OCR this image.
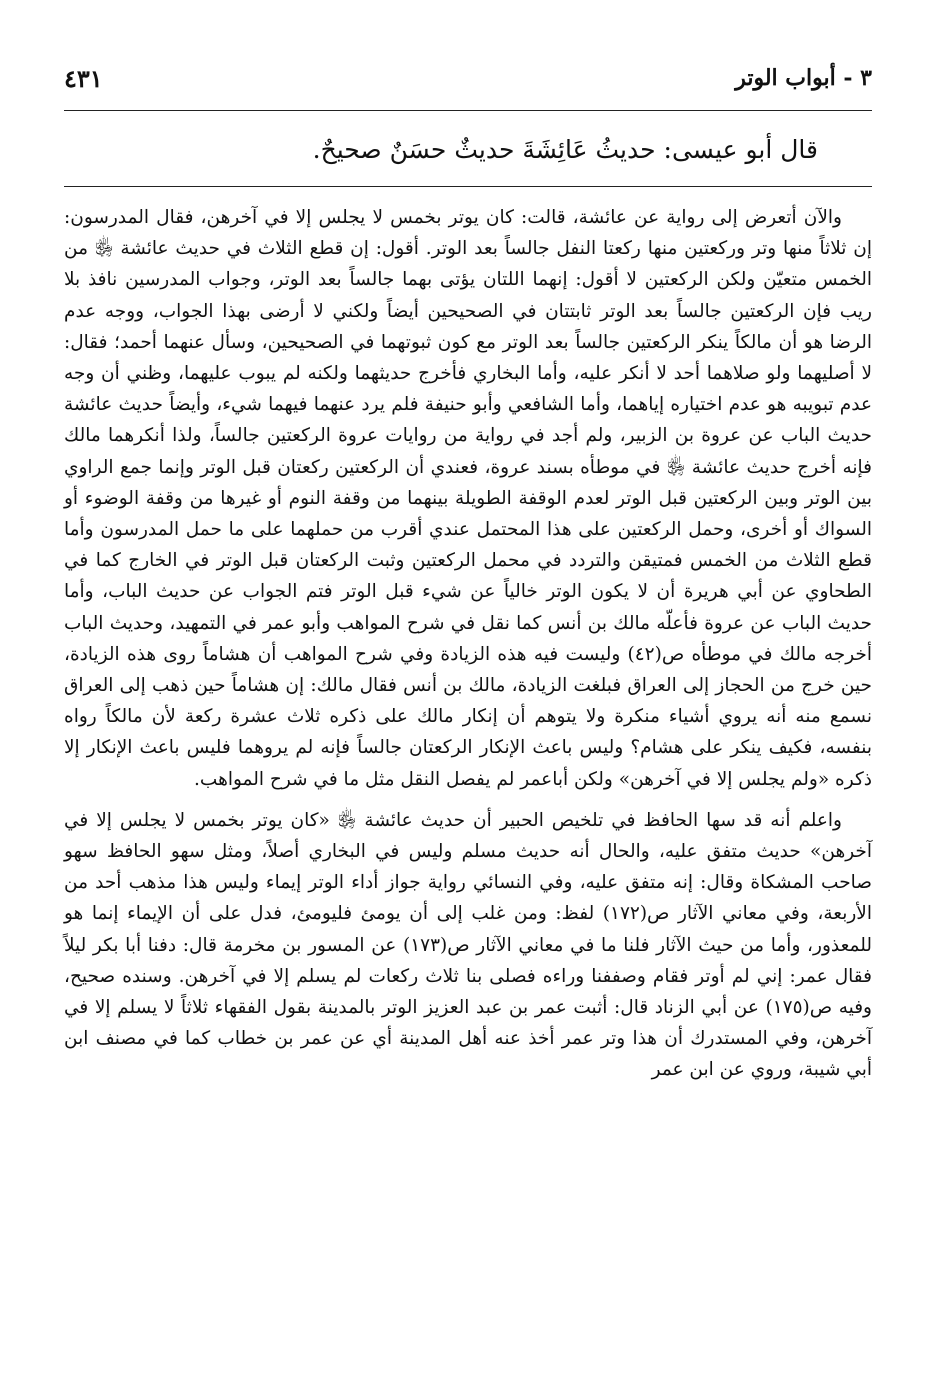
٣ - أبواب الوتر
٤٣١
قال أبو عيسى: حديثُ عَائِشَةَ حديثٌ حسَنٌ صحيحٌ.

والآن أتعرض إلى رواية عن عائشة، قالت: كان يوتر بخمس لا يجلس إلا في آخرهن، فقال المدرسون: إن ثلاثاً منها وتر وركعتين منها ركعتا النفل جالساً بعد الوتر. أقول: إن قطع الثلاث في حديث عائشة ﵂ من الخمس متعيّن ولكن الركعتين لا أقول: إنهما اللتان يؤتى بهما جالساً بعد الوتر، وجواب المدرسين نافذ بلا ريب فإن الركعتين جالساً بعد الوتر ثابتتان في الصحيحين أيضاً ولكني لا أرضى بهذا الجواب، ووجه عدم الرضا هو أن مالكاً ينكر الركعتين جالساً بعد الوتر مع كون ثبوتهما في الصحيحين، وسأل عنهما أحمد؛ فقال: لا أصليهما ولو صلاهما أحد لا أنكر عليه، وأما البخاري فأخرج حديثهما ولكنه لم يبوب عليهما، وظني أن وجه عدم تبويبه هو عدم اختياره إياهما، وأما الشافعي وأبو حنيفة فلم يرد عنهما فيهما شيء، وأيضاً حديث عائشة حديث الباب عن عروة بن الزبير، ولم أجد في رواية من روايات عروة الركعتين جالساً، ولذا أنكرهما مالك فإنه أخرج حديث عائشة ﵂ في موطأه بسند عروة، فعندي أن الركعتين ركعتان قبل الوتر وإنما جمع الراوي بين الوتر وبين الركعتين قبل الوتر لعدم الوقفة الطويلة بينهما من وقفة النوم أو غيرها من وقفة الوضوء أو السواك أو أخرى، وحمل الركعتين على هذا المحتمل عندي أقرب من حملهما على ما حمل المدرسون وأما قطع الثلاث من الخمس فمتيقن والتردد في محمل الركعتين وثبت الركعتان قبل الوتر في الخارج كما في الطحاوي عن أبي هريرة أن لا يكون الوتر خالياً عن شيء قبل الوتر فتم الجواب عن حديث الباب، وأما حديث الباب عن عروة فأعلّه مالك بن أنس كما نقل في شرح المواهب وأبو عمر في التمهيد، وحديث الباب أخرجه مالك في موطأه ص(٤٢) وليست فيه هذه الزيادة وفي شرح المواهب أن هشاماً روى هذه الزيادة، حين خرج من الحجاز إلى العراق فبلغت الزيادة، مالك بن أنس فقال مالك: إن هشاماً حين ذهب إلى العراق نسمع منه أنه يروي أشياء منكرة ولا يتوهم أن إنكار مالك على ذكره ثلاث عشرة ركعة لأن مالكاً رواه بنفسه، فكيف ينكر على هشام؟ وليس باعث الإنكار الركعتان جالساً فإنه لم يروهما فليس باعث الإنكار إلا ذكره «ولم يجلس إلا في آخرهن» ولكن أباعمر لم يفصل النقل مثل ما في شرح المواهب.

واعلم أنه قد سها الحافظ في تلخيص الحبير أن حديث عائشة ﵂ «كان يوتر بخمس لا يجلس إلا في آخرهن» حديث متفق عليه، والحال أنه حديث مسلم وليس في البخاري أصلاً، ومثل سهو الحافظ سهو صاحب المشكاة وقال: إنه متفق عليه، وفي النسائي رواية جواز أداء الوتر إيماء وليس هذا مذهب أحد من الأربعة، وفي معاني الآثار ص(١٧٢) لفظ: ومن غلب إلى أن يومئ فليومئ، فدل على أن الإيماء إنما هو للمعذور، وأما من حيث الآثار فلنا ما في معاني الآثار ص(١٧٣) عن المسور بن مخرمة قال: دفنا أبا بكر ليلاً فقال عمر: إني لم أوتر فقام وصففنا وراءه فصلى بنا ثلاث ركعات لم يسلم إلا في آخرهن. وسنده صحيح، وفيه ص(١٧٥) عن أبي الزناد قال: أثبت عمر بن عبد العزيز الوتر بالمدينة بقول الفقهاء ثلاثاً لا يسلم إلا في آخرهن، وفي المستدرك أن هذا وتر عمر أخذ عنه أهل المدينة أي عن عمر بن خطاب كما في مصنف ابن أبي شيبة، وروي عن ابن عمر
